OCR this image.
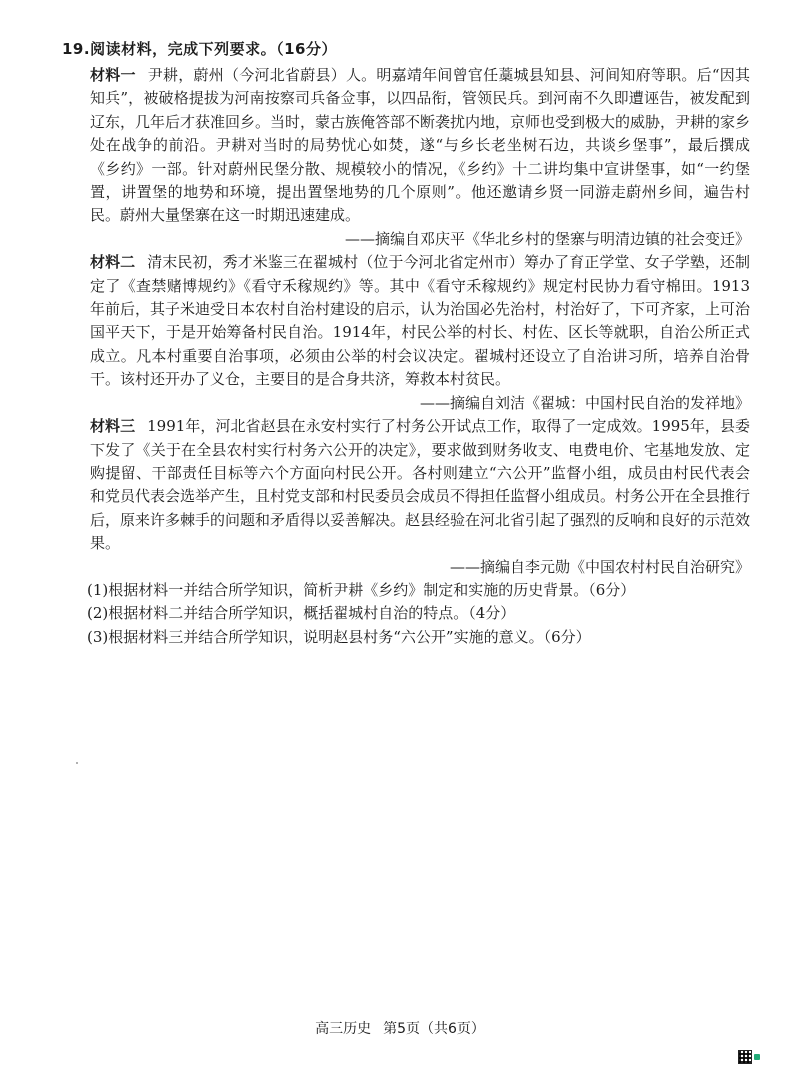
19.阅读材料，完成下列要求。（16分）

材料一 尹耕，蔚州（今河北省蔚县）人。明嘉靖年间曾官任藁城县知县、河间知府等职。后“因其知兵”，被破格提拔为河南按察司兵备佥事，以四品衔，管领民兵。到河南不久即遭诬告，被发配到辽东，几年后才获准回乡。当时，蒙古族俺答部不断袭扰内地，京师也受到极大的威胁，尹耕的家乡处在战争的前沿。尹耕对当时的局势忧心如焚，遂“与乡长老坐树石边，共谈乡堡事”，最后撰成《乡约》一部。针对蔚州民堡分散、规模较小的情况，《乡约》十二讲均集中宣讲堡事，如“一约堡置，讲置堡的地势和环境，提出置堡地势的几个原则”。他还邀请乡贤一同游走蔚州乡间，遍告村民。蔚州大量堡寨在这一时期迅速建成。

——摘编自邓庆平《华北乡村的堡寨与明清边镇的社会变迁》

材料二 清末民初，秀才米鉴三在翟城村（位于今河北省定州市）筹办了育正学堂、女子学塾，还制定了《查禁赌博规约》《看守禾稼规约》等。其中《看守禾稼规约》规定村民协力看守棉田。1913年前后，其子米迪受日本农村自治村建设的启示，认为治国必先治村，村治好了，下可齐家，上可治国平天下，于是开始筹备村民自治。1914年，村民公举的村长、村佐、区长等就职，自治公所正式成立。凡本村重要自治事项，必须由公举的村会议决定。翟城村还设立了自治讲习所，培养自治骨干。该村还开办了义仓，主要目的是合身共济，筹救本村贫民。

——摘编自刘洁《翟城：中国村民自治的发祥地》

材料三 1991年，河北省赵县在永安村实行了村务公开试点工作，取得了一定成效。1995年，县委下发了《关于在全县农村实行村务六公开的决定》，要求做到财务收支、电费电价、宅基地发放、定购提留、干部责任目标等六个方面向村民公开。各村则建立“六公开”监督小组，成员由村民代表会和党员代表会选举产生，且村党支部和村民委员会成员不得担任监督小组成员。村务公开在全县推行后，原来许多棘手的问题和矛盾得以妥善解决。赵县经验在河北省引起了强烈的反响和良好的示范效果。

——摘编自李元勋《中国农村村民自治研究》

(1)根据材料一并结合所学知识，简析尹耕《乡约》制定和实施的历史背景。（6分）

(2)根据材料二并结合所学知识，概括翟城村自治的特点。（4分）

(3)根据材料三并结合所学知识，说明赵县村务“六公开”实施的意义。（6分）

高三历史 第5页（共6页）
